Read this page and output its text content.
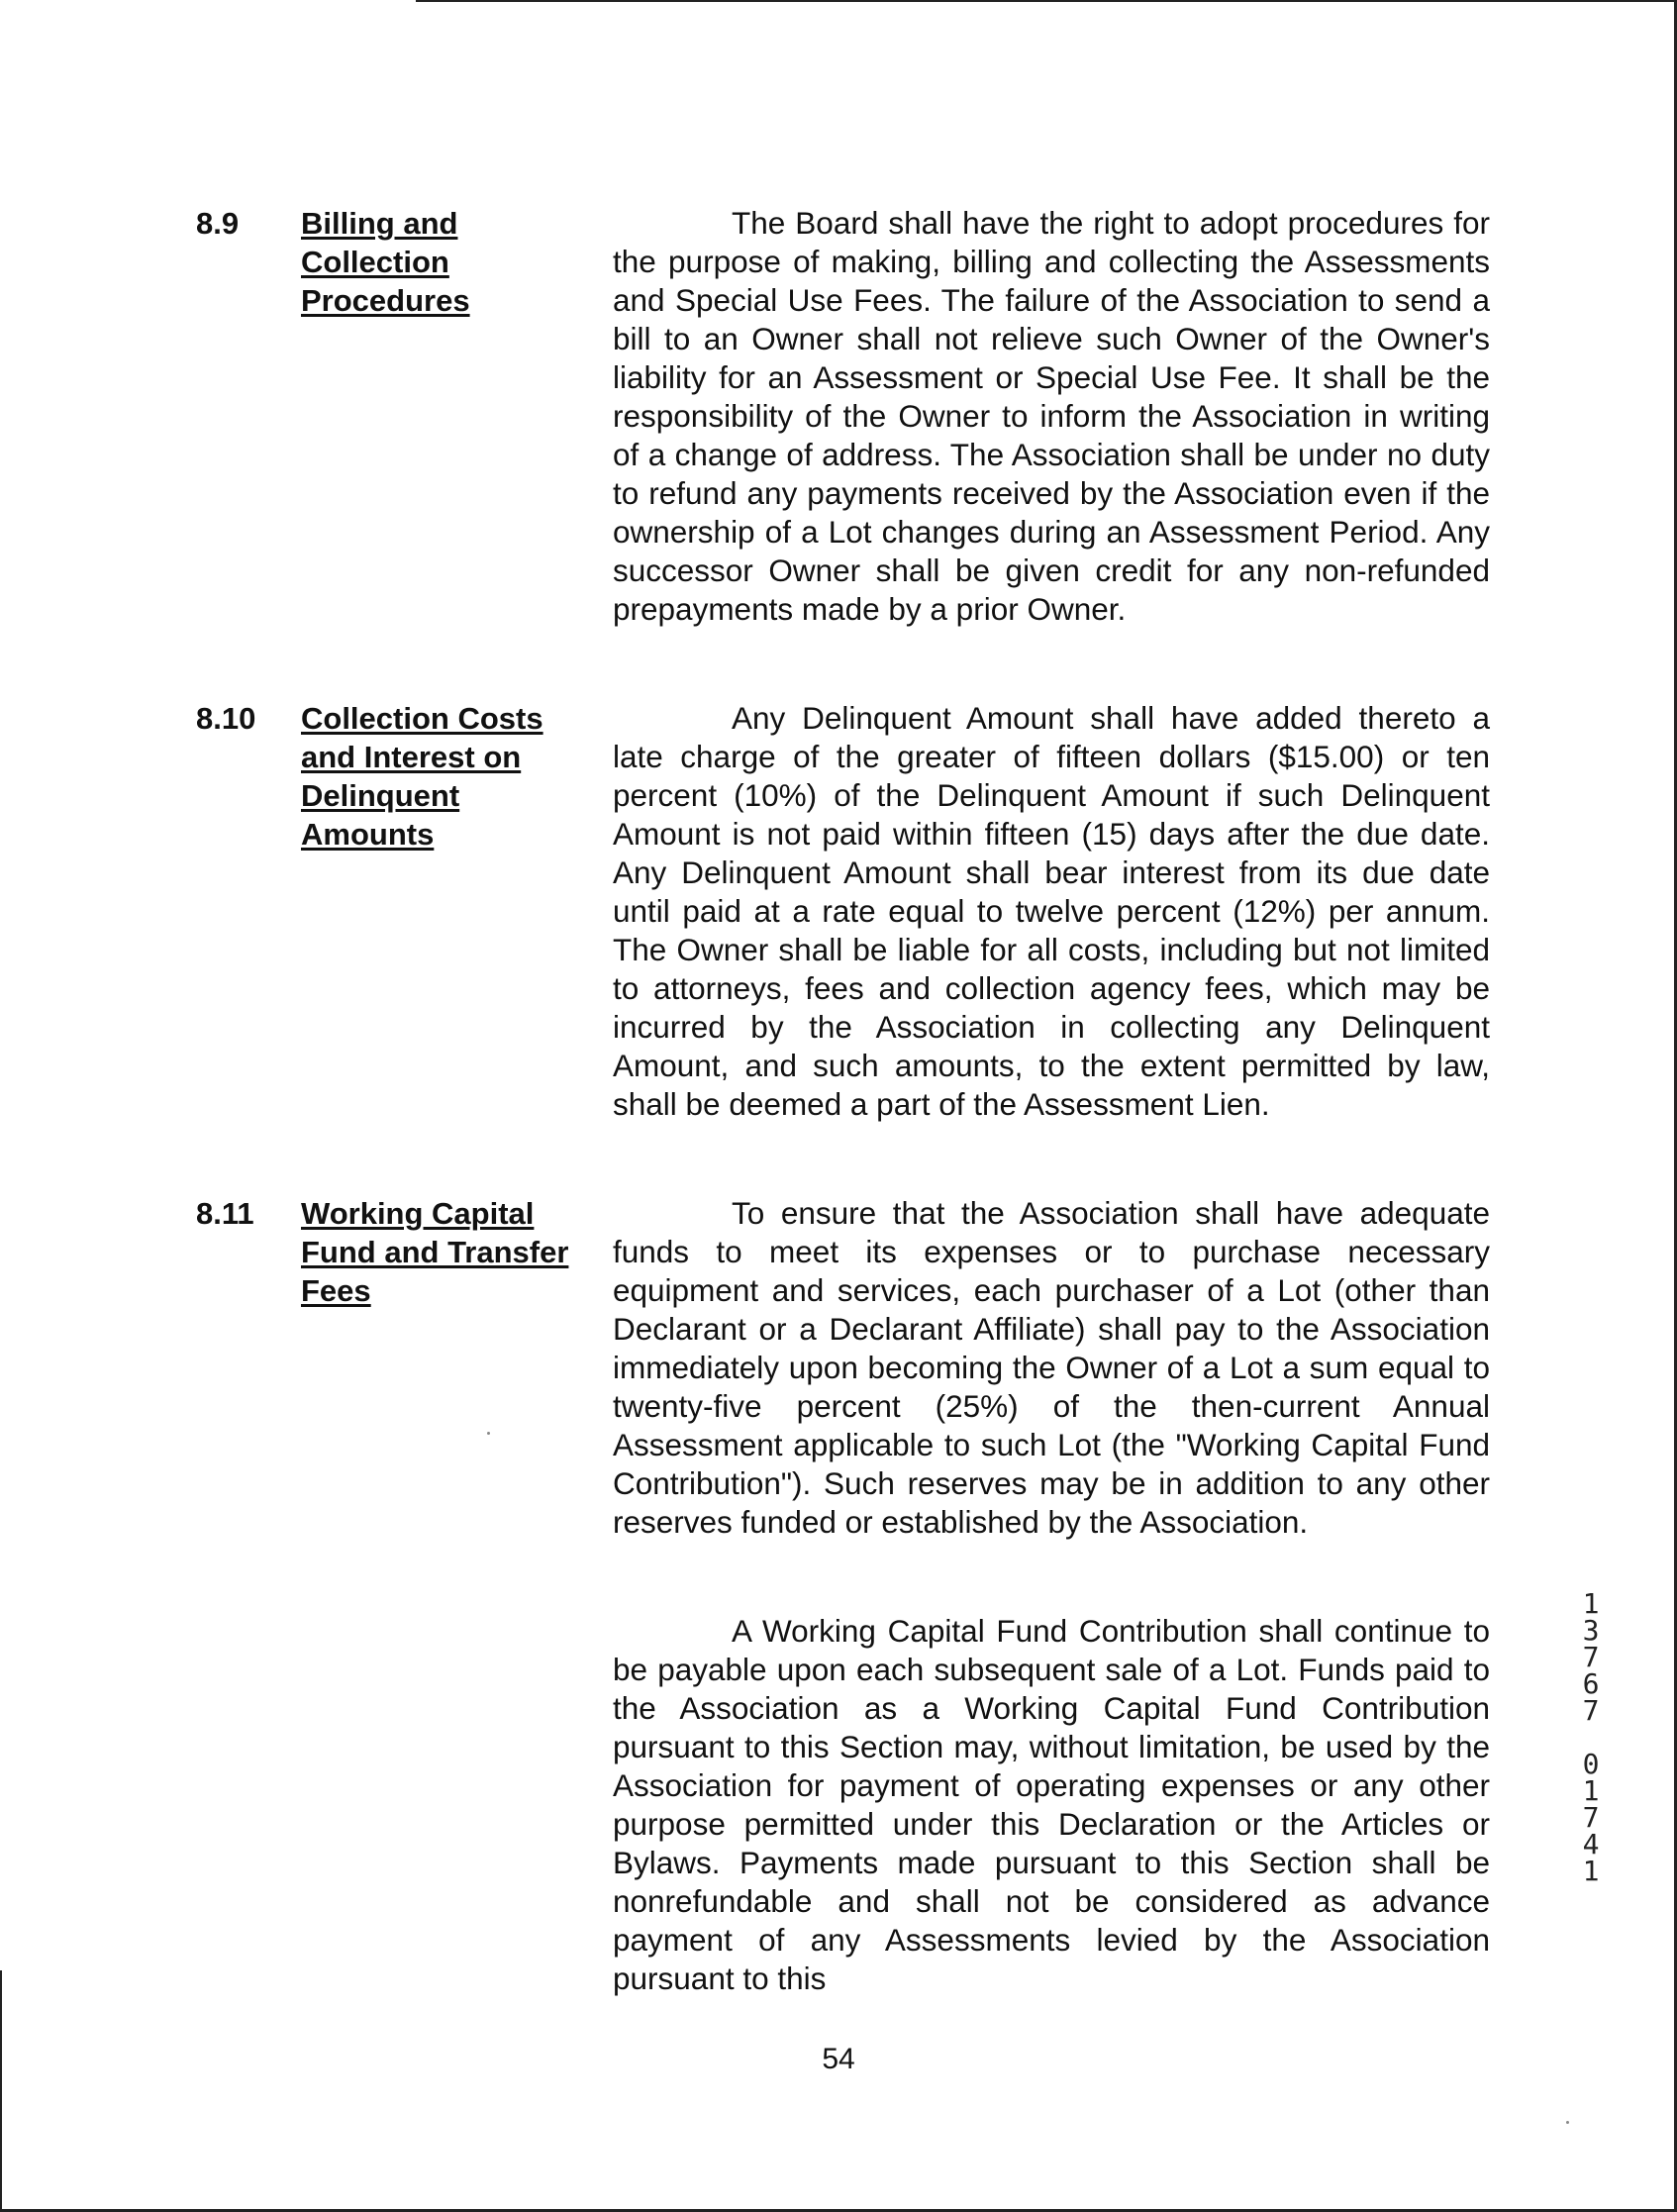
8.9 Billing and Collection Procedures

The Board shall have the right to adopt procedures for the purpose of making, billing and collecting the Assessments and Special Use Fees. The failure of the Association to send a bill to an Owner shall not relieve such Owner of the Owner's liability for an Assessment or Special Use Fee. It shall be the responsibility of the Owner to inform the Association in writing of a change of address. The Association shall be under no duty to refund any payments received by the Association even if the ownership of a Lot changes during an Assessment Period. Any successor Owner shall be given credit for any non-refunded prepayments made by a prior Owner.

8.10 Collection Costs and Interest on Delinquent Amounts

Any Delinquent Amount shall have added thereto a late charge of the greater of fifteen dollars ($15.00) or ten percent (10%) of the Delinquent Amount if such Delinquent Amount is not paid within fifteen (15) days after the due date. Any Delinquent Amount shall bear interest from its due date until paid at a rate equal to twelve percent (12%) per annum. The Owner shall be liable for all costs, including but not limited to attorneys, fees and collection agency fees, which may be incurred by the Association in collecting any Delinquent Amount, and such amounts, to the extent permitted by law, shall be deemed a part of the Assessment Lien.

8.11 Working Capital Fund and Transfer Fees

To ensure that the Association shall have adequate funds to meet its expenses or to purchase necessary equipment and services, each purchaser of a Lot (other than Declarant or a Declarant Affiliate) shall pay to the Association immediately upon becoming the Owner of a Lot a sum equal to twenty-five percent (25%) of the then-current Annual Assessment applicable to such Lot (the "Working Capital Fund Contribution"). Such reserves may be in addition to any other reserves funded or established by the Association.

A Working Capital Fund Contribution shall continue to be payable upon each subsequent sale of a Lot. Funds paid to the Association as a Working Capital Fund Contribution pursuant to this Section may, without limitation, be used by the Association for payment of operating expenses or any other purpose permitted under this Declaration or the Articles or Bylaws. Payments made pursuant to this Section shall be nonrefundable and shall not be considered as advance payment of any Assessments levied by the Association pursuant to this

1
3
7
6
7

0
1
7
4
1
54
